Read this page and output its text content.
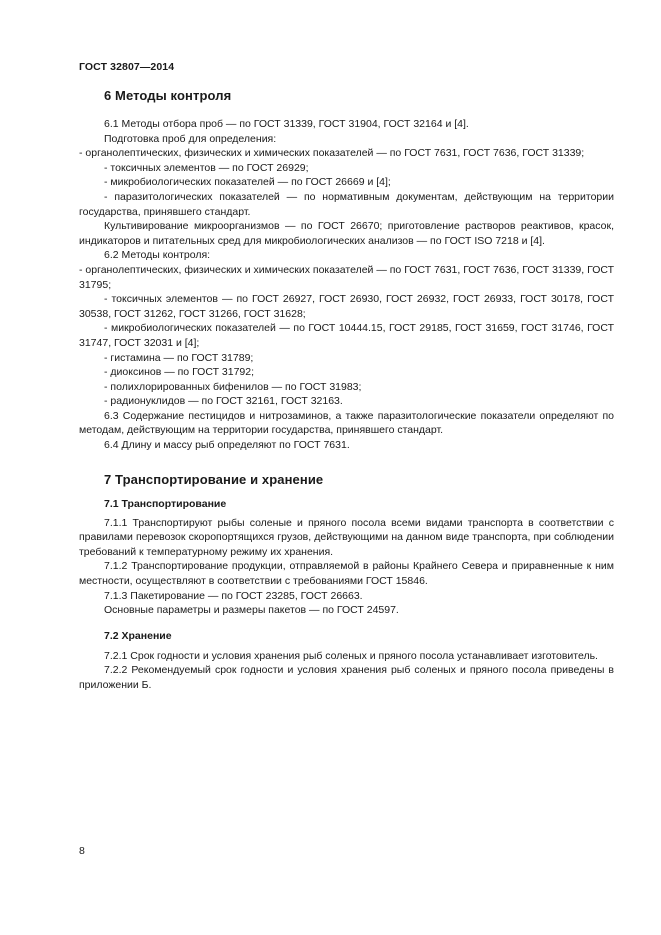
ГОСТ 32807—2014
6 Методы контроля

6.1 Методы отбора проб — по ГОСТ 31339, ГОСТ 31904, ГОСТ 32164 и [4].

Подготовка проб для определения:

- органолептических, физических и химических показателей — по ГОСТ 7631, ГОСТ 7636, ГОСТ 31339;

- токсичных элементов — по ГОСТ 26929;

- микробиологических показателей — по ГОСТ 26669 и [4];

- паразитологических показателей — по нормативным документам, действующим на территории государства, принявшего стандарт.

Культивирование микроорганизмов — по ГОСТ 26670; приготовление растворов реактивов, красок, индикаторов и питательных сред для микробиологических анализов — по ГОСТ ISO 7218 и [4].

6.2 Методы контроля:

- органолептических, физических и химических показателей — по ГОСТ 7631, ГОСТ 7636, ГОСТ 31339, ГОСТ 31795;

- токсичных элементов — по ГОСТ 26927, ГОСТ 26930, ГОСТ 26932, ГОСТ 26933, ГОСТ 30178, ГОСТ 30538, ГОСТ 31262, ГОСТ 31266, ГОСТ 31628;

- микробиологических показателей — по ГОСТ 10444.15, ГОСТ 29185, ГОСТ 31659, ГОСТ 31746, ГОСТ 31747, ГОСТ 32031 и [4];

- гистамина — по ГОСТ 31789;

- диоксинов — по ГОСТ 31792;

- полихлорированных бифенилов — по ГОСТ 31983;

- радионуклидов — по ГОСТ 32161, ГОСТ 32163.

6.3 Содержание пестицидов и нитрозаминов, а также паразитологические показатели определяют по методам, действующим на территории государства, принявшего стандарт.

6.4 Длину и массу рыб определяют по ГОСТ 7631.

7 Транспортирование и хранение
7.1 Транспортирование

7.1.1 Транспортируют рыбы соленые и пряного посола всеми видами транспорта в соответствии с правилами перевозок скоропортящихся грузов, действующими на данном виде транспорта, при соблюдении требований к температурному режиму их хранения.

7.1.2 Транспортирование продукции, отправляемой в районы Крайнего Севера и приравненные к ним местности, осуществляют в соответствии с требованиями ГОСТ 15846.

7.1.3 Пакетирование — по ГОСТ 23285, ГОСТ 26663.

Основные параметры и размеры пакетов — по ГОСТ 24597.

7.2 Хранение

7.2.1 Срок годности и условия хранения рыб соленых и пряного посола устанавливает изготовитель.

7.2.2 Рекомендуемый срок годности и условия хранения рыб соленых и пряного посола приведены в приложении Б.

8
